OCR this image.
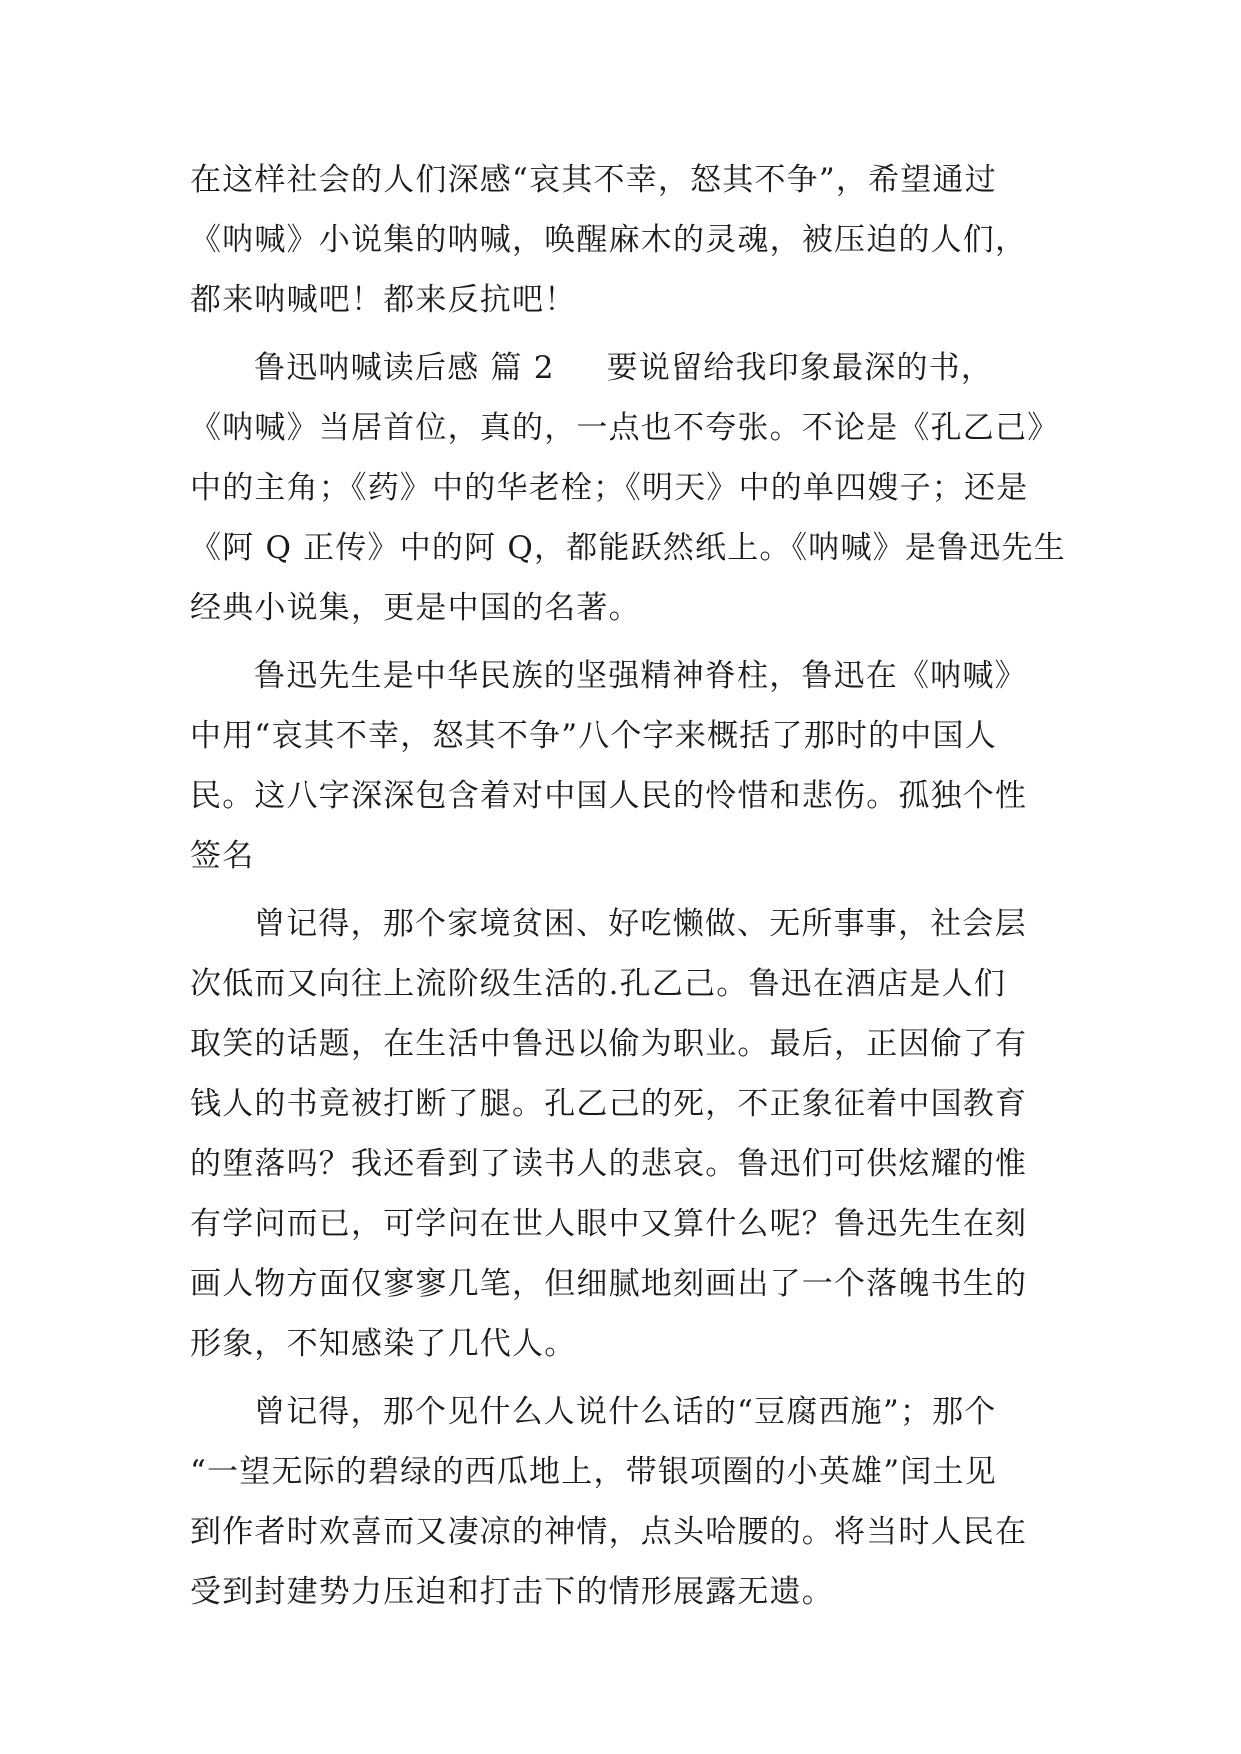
在这样社会的人们深感“哀其不幸，怒其不争”，希望通过
《呐喊》小说集的呐喊，唤醒麻木的灵魂，被压迫的人们，
都来呐喊吧！都来反抗吧！
鲁迅呐喊读后感 篇 2 要说留给我印象最深的书，
《呐喊》当居首位，真的，一点也不夸张。不论是《孔乙己》
中的主角；《药》中的华老栓；《明天》中的单四嫂子；还是
《阿 Q 正传》中的阿 Q，都能跃然纸上。《呐喊》是鲁迅先生
经典小说集，更是中国的名著。
鲁迅先生是中华民族的坚强精神脊柱，鲁迅在《呐喊》
中用“哀其不幸，怒其不争”八个字来概括了那时的中国人
民。这八字深深包含着对中国人民的怜惜和悲伤。孤独个性
签名
曾记得，那个家境贫困、好吃懒做、无所事事，社会层
次低而又向往上流阶级生活的.孔乙己。鲁迅在酒店是人们
取笑的话题，在生活中鲁迅以偷为职业。最后，正因偷了有
钱人的书竟被打断了腿。孔乙己的死，不正象征着中国教育
的堕落吗？我还看到了读书人的悲哀。鲁迅们可供炫耀的惟
有学问而已，可学问在世人眼中又算什么呢？鲁迅先生在刻
画人物方面仅寥寥几笔，但细腻地刻画出了一个落魄书生的
形象，不知感染了几代人。
曾记得，那个见什么人说什么话的“豆腐西施”；那个
“一望无际的碧绿的西瓜地上，带银项圈的小英雄”闰土见
到作者时欢喜而又凄凉的神情，点头哈腰的。将当时人民在
受到封建势力压迫和打击下的情形展露无遗。
